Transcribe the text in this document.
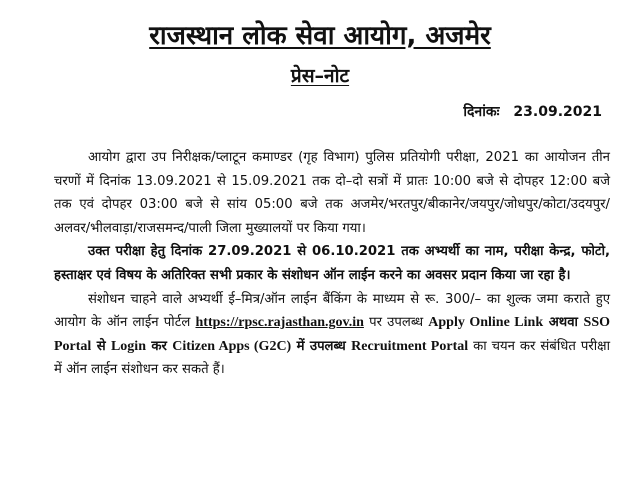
राजस्थान लोक सेवा आयोग, अजमेर
प्रेस–नोट
दिनांकः 23.09.2021

आयोग द्वारा उप निरीक्षक/प्लाटून कमाण्डर (गृह विभाग) पुलिस प्रतियोगी परीक्षा, 2021 का आयोजन तीन चरणों में दिनांक 13.09.2021 से 15.09.2021 तक दो–दो सत्रों में प्रातः 10:00 बजे से दोपहर 12:00 बजे तक एवं दोपहर 03:00 बजे से सांय 05:00 बजे तक अजमेर/भरतपुर/बीकानेर/जयपुर/जोधपुर/कोटा/उदयपुर/अलवर/भीलवाड़ा/राजसमन्द/पाली जिला मुख्यालयों पर किया गया।

उक्त परीक्षा हेतु दिनांक 27.09.2021 से 06.10.2021 तक अभ्यर्थी का नाम, परीक्षा केन्द्र, फोटो, हस्ताक्षर एवं विषय के अतिरिक्त सभी प्रकार के संशोधन ऑन लाईन करने का अवसर प्रदान किया जा रहा है।

संशोधन चाहने वाले अभ्यर्थी ई–मित्र/ऑन लाईन बैंकिंग के माध्यम से रू. 300/– का शुल्क जमा कराते हुए आयोग के ऑन लाईन पोर्टल https://rpsc.rajasthan.gov.in पर उपलब्ध Apply Online Link अथवा SSO Portal से Login कर Citizen Apps (G2C) में उपलब्ध Recruitment Portal का चयन कर संबंधित परीक्षा में ऑन लाईन संशोधन कर सकते हैं।
